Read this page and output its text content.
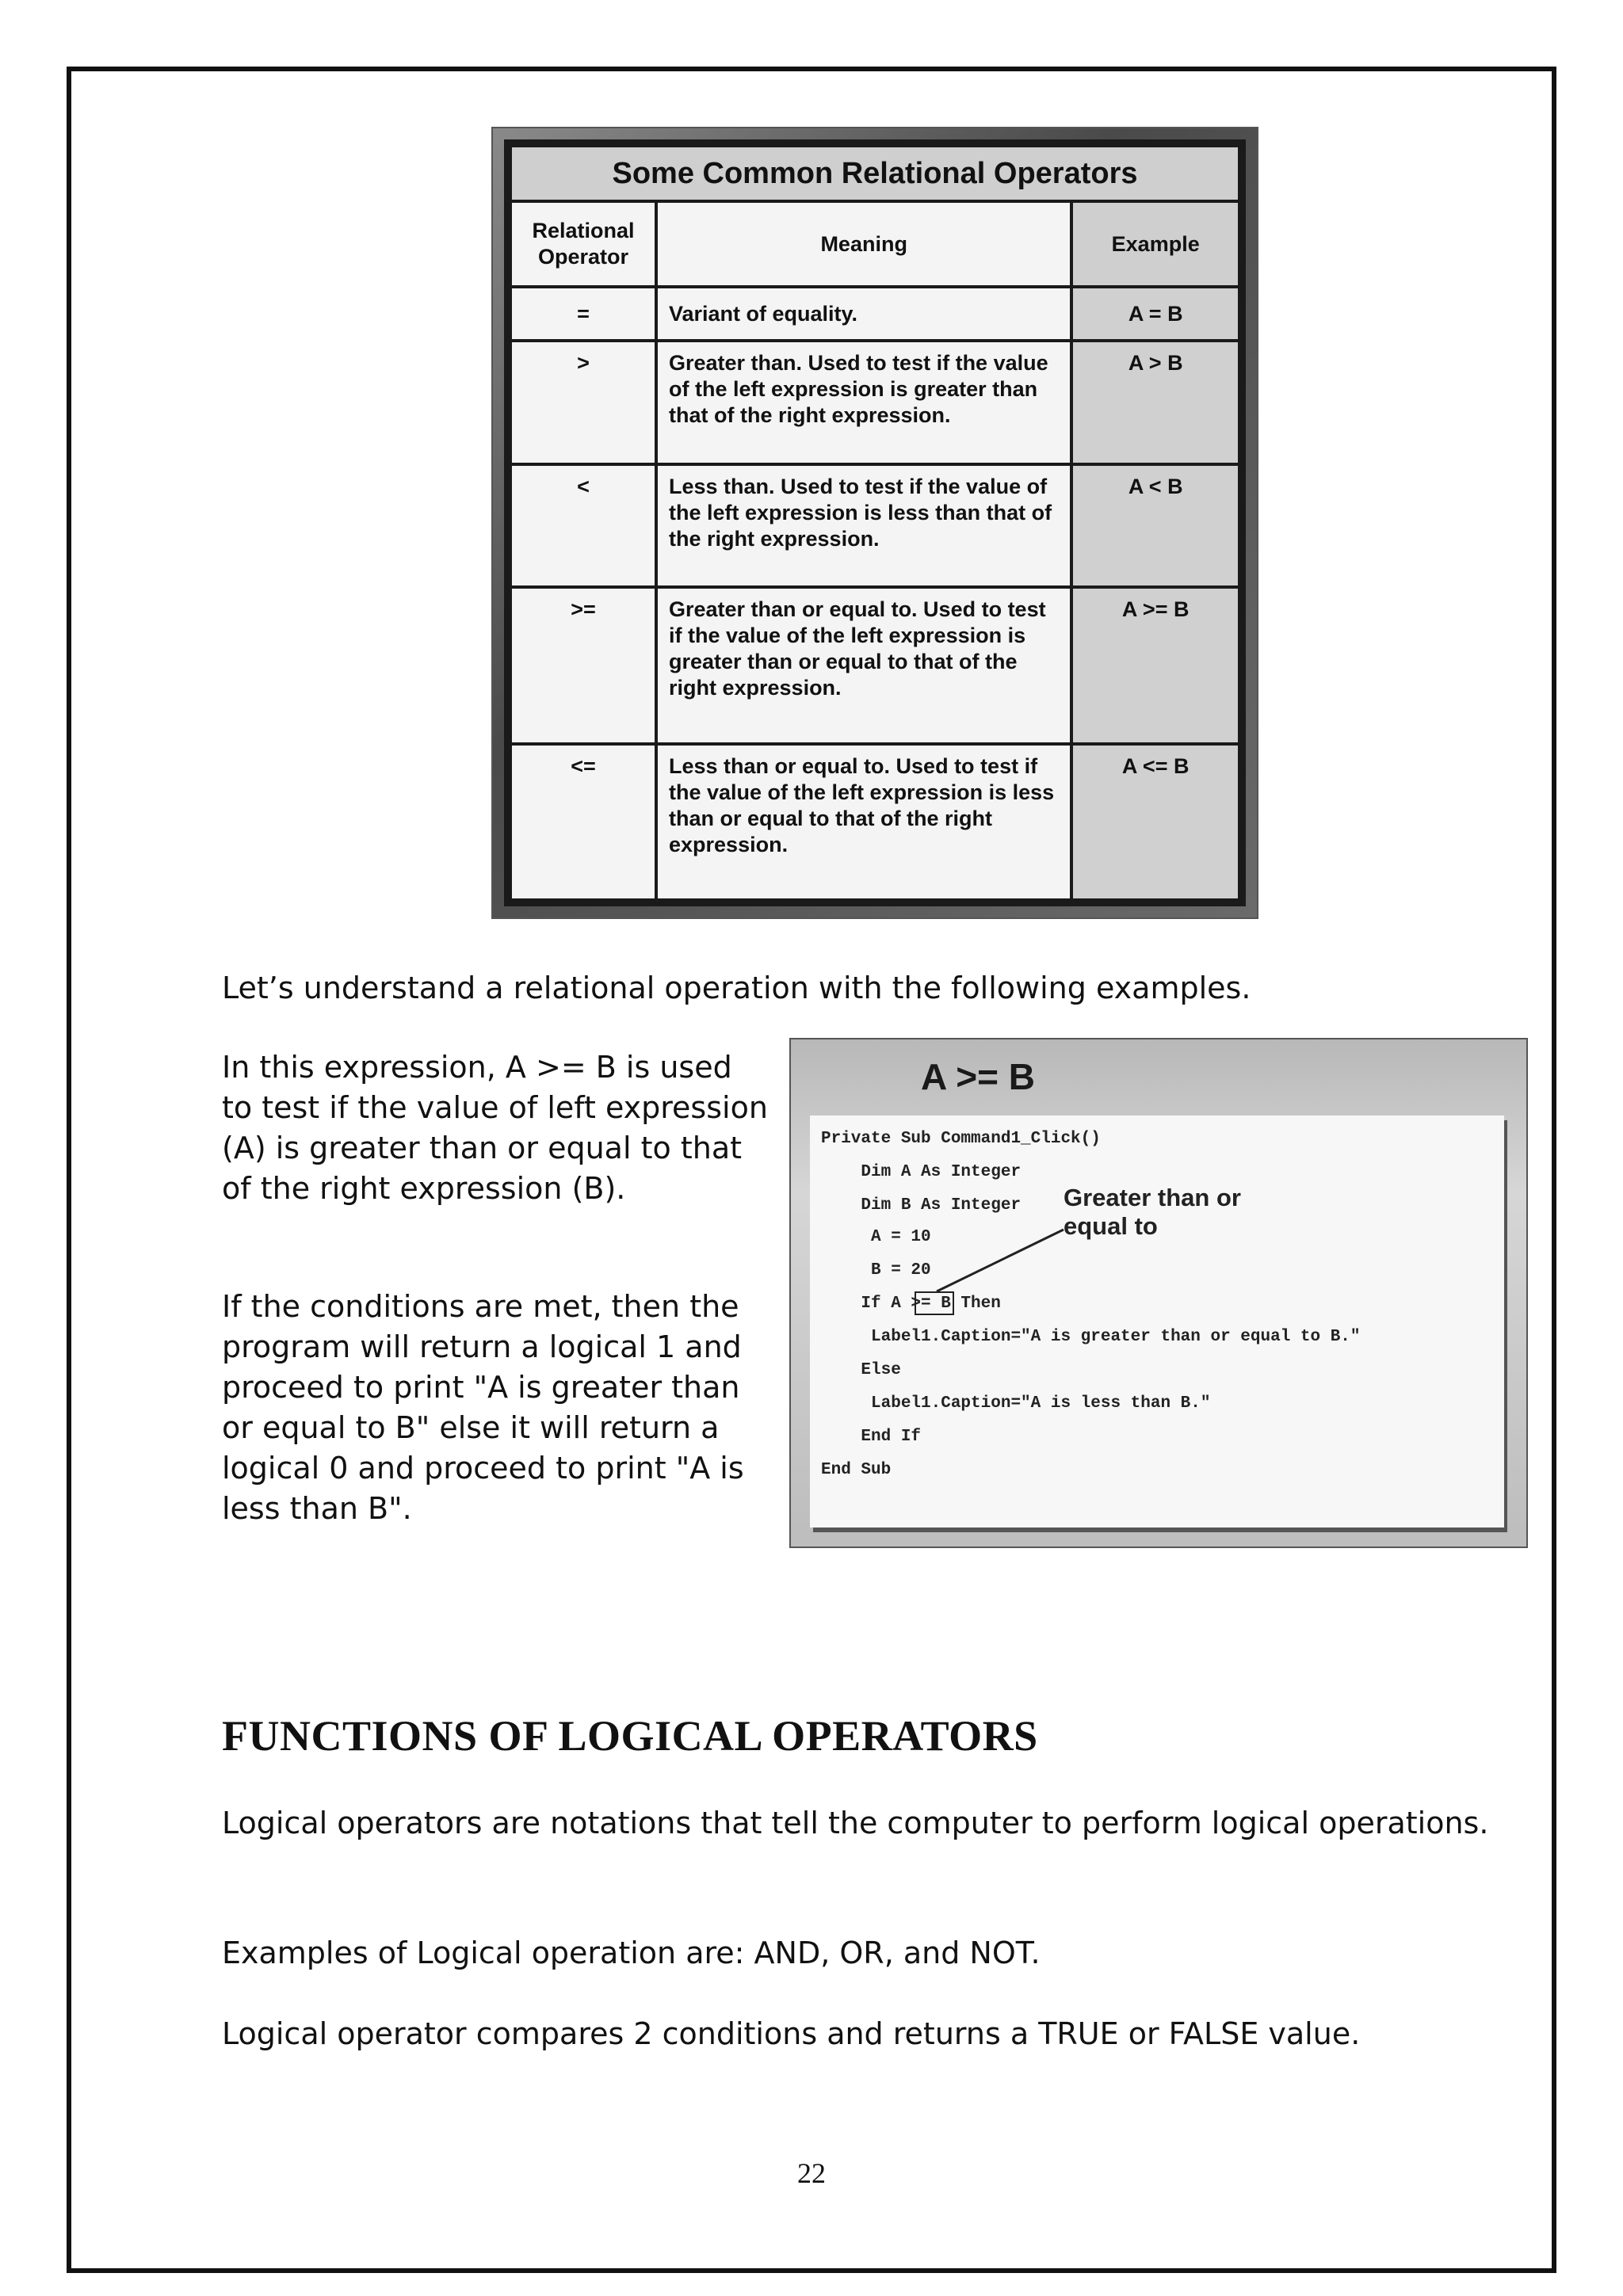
Some Common Relational Operators		
Relational Operator	Meaning	Example
=	Variant of equality.	A = B
>	Greater than. Used to test if the value of the left expression is greater than that of the right expression.	A > B
<	Less than. Used to test if the value of the left expression is less than that of the right expression.	A < B
>=	Greater than or equal to. Used to test if the value of the left expression is greater than or equal to that of the right expression.	A >= B
<=	Less than or equal to. Used to test if the value of the left expression is less than or equal to that of the right expression.	A <= B

Let’s understand a relational operation with the following examples.

In this expression, A >= B is used to test if the value of left expression (A) is greater than or equal to that of the right expression (B).

If the conditions are met, then the program will return a logical 1 and proceed to print "A is greater than or equal to B" else it will return a logical 0 and proceed to print "A is less than B".

A >= B
Private Sub Command1_Click()
Dim A As Integer
Dim B As Integer
A = 10
B = 20
If A >= B Then
Label1.Caption="A is greater than or equal to B."
Else
Label1.Caption="A is less than B."
End If
End Sub
Greater than or equal to
FUNCTIONS OF LOGICAL OPERATORS

Logical operators are notations that tell the computer to perform logical operations.

Examples of Logical operation are: AND, OR, and NOT.

Logical operator compares 2 conditions and returns a TRUE or FALSE value.

22
